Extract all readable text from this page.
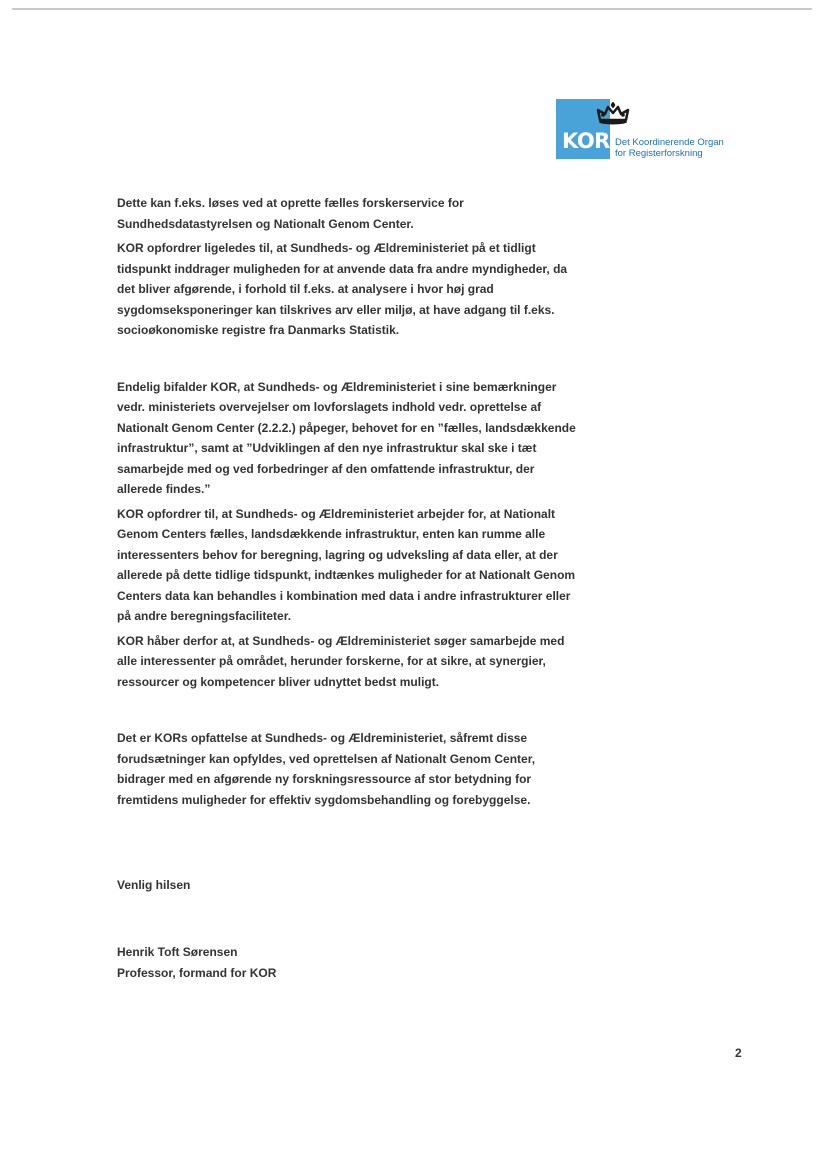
KOR Det Koordinerende Organ
for Registerforskning

Dette kan f.eks. løses ved at oprette fælles forskerservice for Sundhedsdatastyrelsen og Nationalt Genom Center.

KOR opfordrer ligeledes til, at Sundheds- og Ældreministeriet på et tidligt tidspunkt inddrager muligheden for at anvende data fra andre myndigheder, da det bliver afgørende, i forhold til f.eks. at analysere i hvor høj grad sygdomseksponeringer kan tilskrives arv eller miljø, at have adgang til f.eks. socioøkonomiske registre fra Danmarks Statistik.

Endelig bifalder KOR, at Sundheds- og Ældreministeriet i sine bemærkninger vedr. ministeriets overvejelser om lovforslagets indhold vedr. oprettelse af Nationalt Genom Center (2.2.2.) påpeger, behovet for en ”fælles, landsdækkende infrastruktur”, samt at ”Udviklingen af den nye infrastruktur skal ske i tæt samarbejde med og ved forbedringer af den omfattende infrastruktur, der allerede findes.”

KOR opfordrer til, at Sundheds- og Ældreministeriet arbejder for, at Nationalt Genom Centers fælles, landsdækkende infrastruktur, enten kan rumme alle interessenters behov for beregning, lagring og udveksling af data eller, at der allerede på dette tidlige tidspunkt, indtænkes muligheder for at Nationalt Genom Centers data kan behandles i kombination med data i andre infrastrukturer eller på andre beregningsfaciliteter.

KOR håber derfor at, at Sundheds- og Ældreministeriet søger samarbejde med alle interessenter på området, herunder forskerne, for at sikre, at synergier, ressourcer og kompetencer bliver udnyttet bedst muligt.

Det er KORs opfattelse at Sundheds- og Ældreministeriet, såfremt disse forudsætninger kan opfyldes, ved oprettelsen af Nationalt Genom Center, bidrager med en afgørende ny forskningsressource af stor betydning for fremtidens muligheder for effektiv sygdomsbehandling og forebyggelse.

Venlig hilsen
Henrik Toft Sørensen
Professor, formand for KOR
2
